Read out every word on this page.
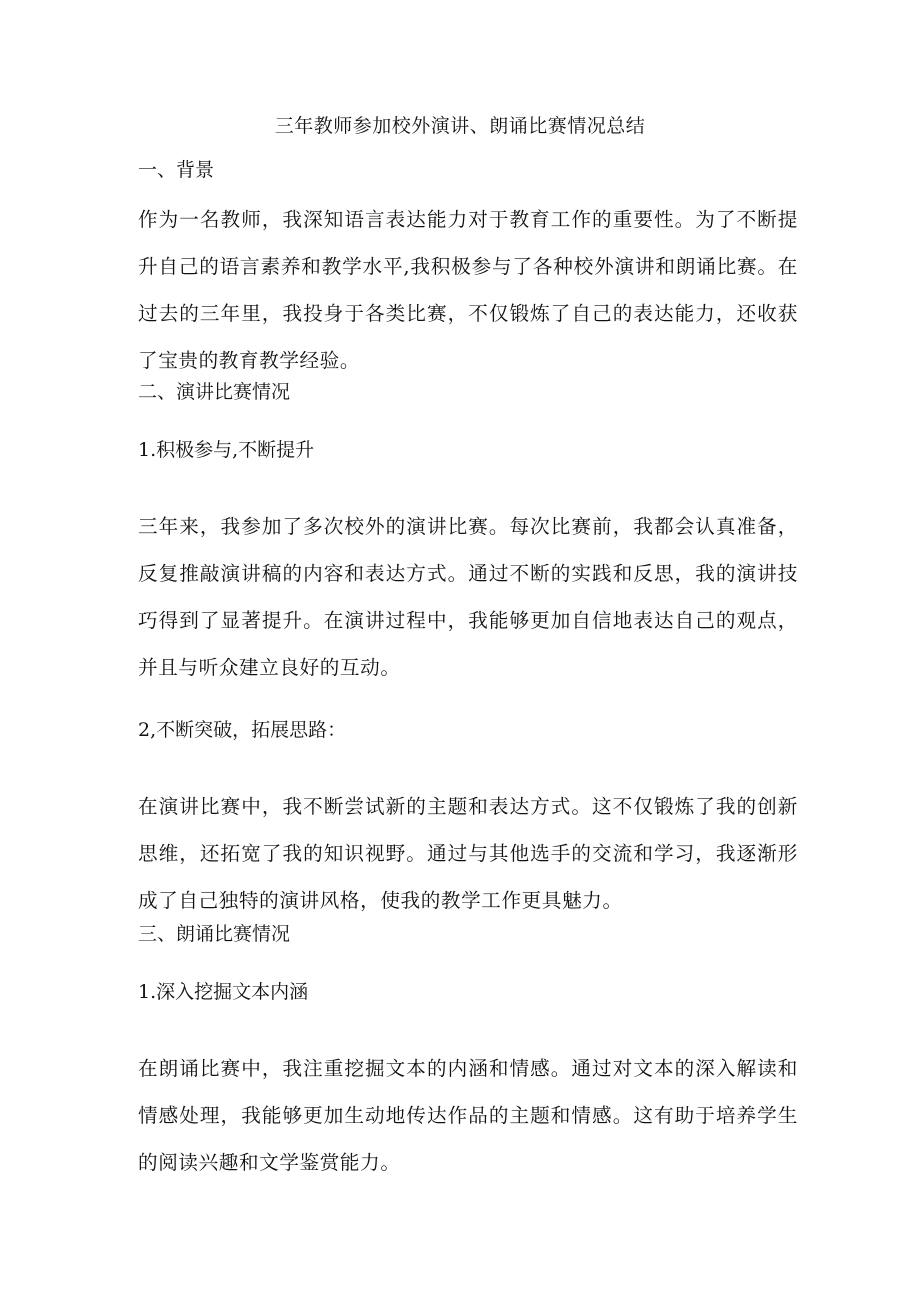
三年教师参加校外演讲、朗诵比赛情况总结
一、背景
作为一名教师，我深知语言表达能力对于教育工作的重要性。为了不断提升自己的语言素养和教学水平,我积极参与了各种校外演讲和朗诵比赛。在过去的三年里，我投身于各类比赛，不仅锻炼了自己的表达能力，还收获了宝贵的教育教学经验。
二、演讲比赛情况
1.积极参与,不断提升
三年来，我参加了多次校外的演讲比赛。每次比赛前，我都会认真准备，反复推敲演讲稿的内容和表达方式。通过不断的实践和反思，我的演讲技巧得到了显著提升。在演讲过程中，我能够更加自信地表达自己的观点，并且与听众建立良好的互动。
2,不断突破，拓展思路：
在演讲比赛中，我不断尝试新的主题和表达方式。这不仅锻炼了我的创新思维，还拓宽了我的知识视野。通过与其他选手的交流和学习，我逐渐形成了自己独特的演讲风格，使我的教学工作更具魅力。
三、朗诵比赛情况
1.深入挖掘文本内涵
在朗诵比赛中，我注重挖掘文本的内涵和情感。通过对文本的深入解读和情感处理，我能够更加生动地传达作品的主题和情感。这有助于培养学生的阅读兴趣和文学鉴赏能力。
